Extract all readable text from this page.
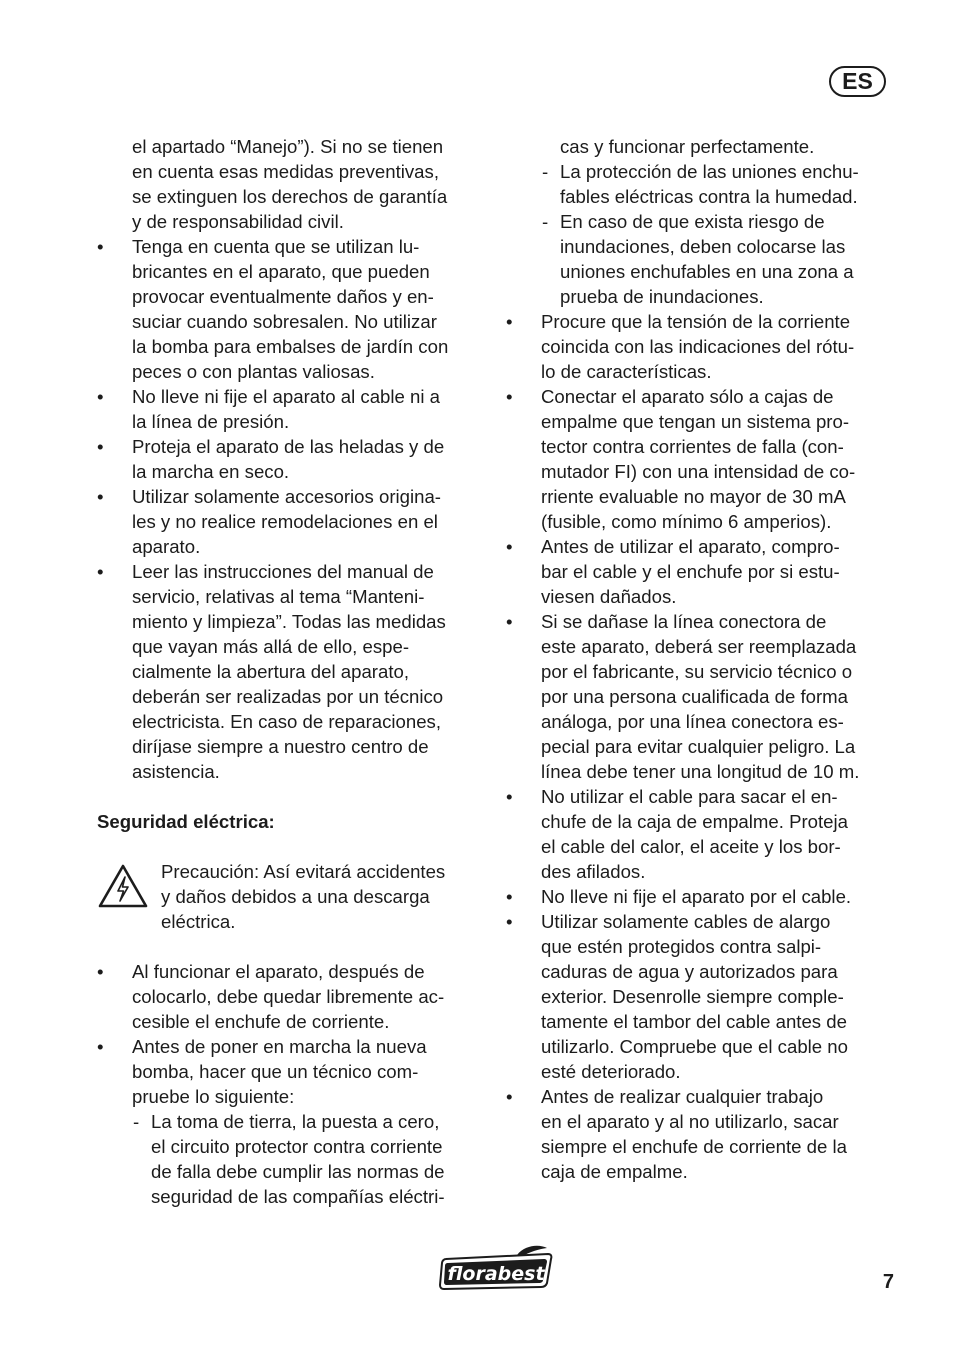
ES
el apartado “Manejo”). Si no se tienen
en cuenta esas medidas preventivas,
se extinguen los derechos de garantía
y de responsabilidad civil.
• Tenga en cuenta que se utilizan lu-
bricantes en el aparato, que pueden
provocar eventualmente daños y en-
suciar cuando sobresalen. No utilizar
la bomba para embalses de jardín con
peces o con plantas valiosas.
• No lleve ni fije el aparato al cable ni a
la línea de presión.
• Proteja el aparato de las heladas y de
la marcha en seco.
• Utilizar solamente accesorios origina-
les y no realice remodelaciones en el
aparato.
• Leer las instrucciones del manual de
servicio, relativas al tema “Manteni-
miento y limpieza”. Todas las medidas
que vayan más allá de ello, espe-
cialmente la abertura del aparato,
deberán ser realizadas por un técnico
electricista. En caso de reparaciones,
diríjase siempre a nuestro centro de
asistencia.
Seguridad eléctrica:
Precaución: Así evitará accidentes
y daños debidos a una descarga
eléctrica.
• Al funcionar el aparato, después de
colocarlo, debe quedar libremente ac-
cesible el enchufe de corriente.
• Antes de poner en marcha la nueva
bomba, hacer que un técnico com-
pruebe lo siguiente:
- La toma de tierra, la puesta a cero,
el circuito protector contra corriente
de falla debe cumplir las normas de
seguridad de las compañías eléctri-
cas y funcionar perfectamente.
- La protección de las uniones enchu-
fables eléctricas contra la humedad.
- En caso de que exista riesgo de
inundaciones, deben colocarse las
uniones enchufables en una zona a
prueba de inundaciones.
• Procure que la tensión de la corriente
coincida con las indicaciones del rótu-
lo de características.
• Conectar el aparato sólo a cajas de
empalme que tengan un sistema pro-
tector contra corrientes de falla (con-
mutador FI) con una intensidad de co-
rriente evaluable no mayor de 30 mA
(fusible, como mínimo 6 amperios).
• Antes de utilizar el aparato, compro-
bar el cable y el enchufe por si estu-
viesen dañados.
• Si se dañase la línea conectora de
este aparato, deberá ser reemplazada
por el fabricante, su servicio técnico o
por una persona cualificada de forma
análoga, por una línea conectora es-
pecial para evitar cualquier peligro. La
línea debe tener una longitud de 10 m.
• No utilizar el cable para sacar el en-
chufe de la caja de empalme. Proteja
el cable del calor, el aceite y los bor-
des afilados.
• No lleve ni fije el aparato por el cable.
• Utilizar solamente cables de alargo
que estén protegidos contra salpi-
caduras de agua y autorizados para
exterior. Desenrolle siempre comple-
tamente el tambor del cable antes de
utilizarlo. Compruebe que el cable no
esté deteriorado.
• Antes de realizar cualquier trabajo
en el aparato y al no utilizarlo, sacar
siempre el enchufe de corriente de la
caja de empalme.
florabest	7
